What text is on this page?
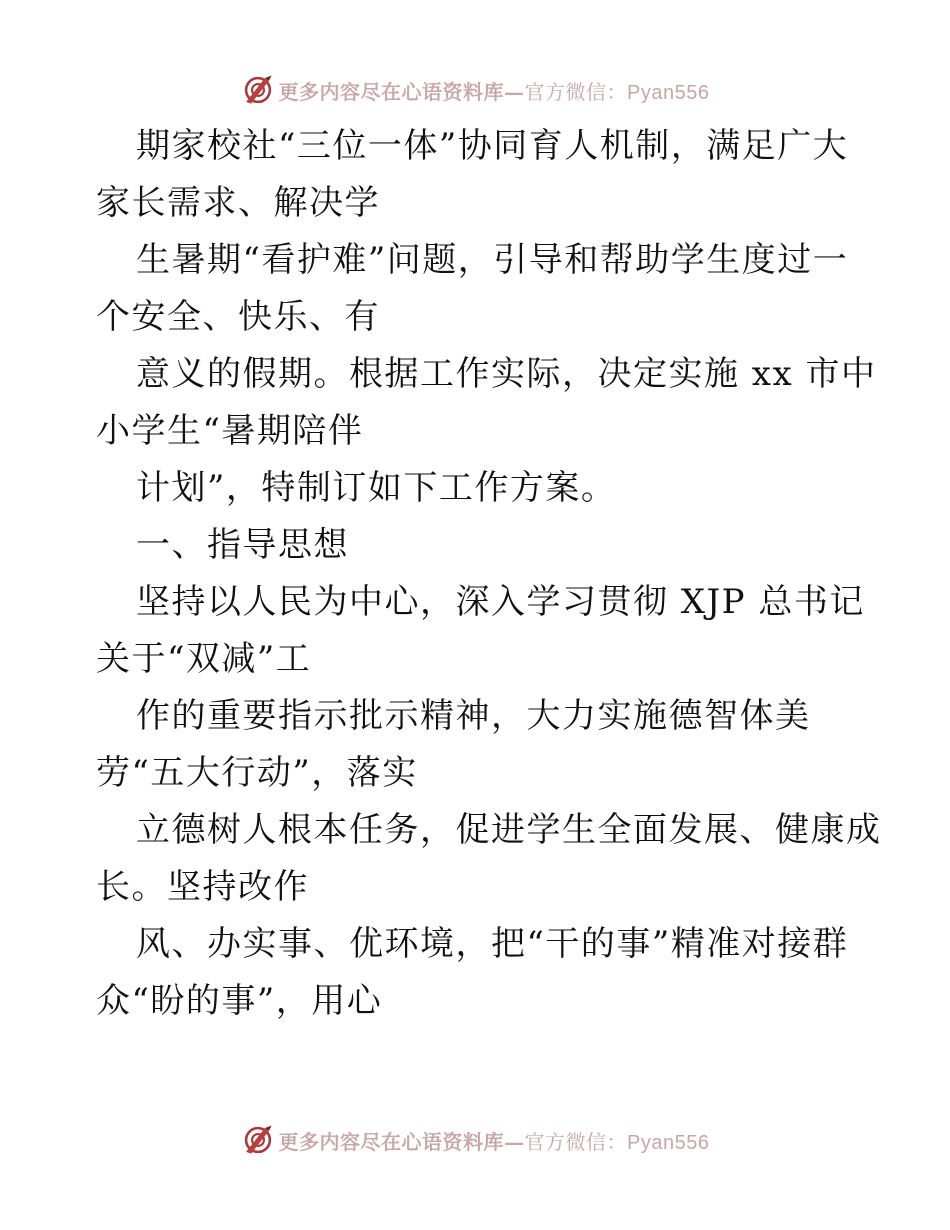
更多内容尽在心语资料库—官方微信：Pyan556

期家校社“三位一体”协同育人机制，满足广大
家长需求、解决学

生暑期“看护难”问题，引导和帮助学生度过一
个安全、快乐、有

意义的假期。根据工作实际，决定实施 xx 市中
小学生“暑期陪伴

计划”，特制订如下工作方案。

一、指导思想

坚持以人民为中心，深入学习贯彻 XJP 总书记
关于“双减”工

作的重要指示批示精神，大力实施德智体美
劳“五大行动”，落实

立德树人根本任务，促进学生全面发展、健康成
长。坚持改作

风、办实事、优环境，把“干的事”精准对接群
众“盼的事”，用心

更多内容尽在心语资料库—官方微信：Pyan556
